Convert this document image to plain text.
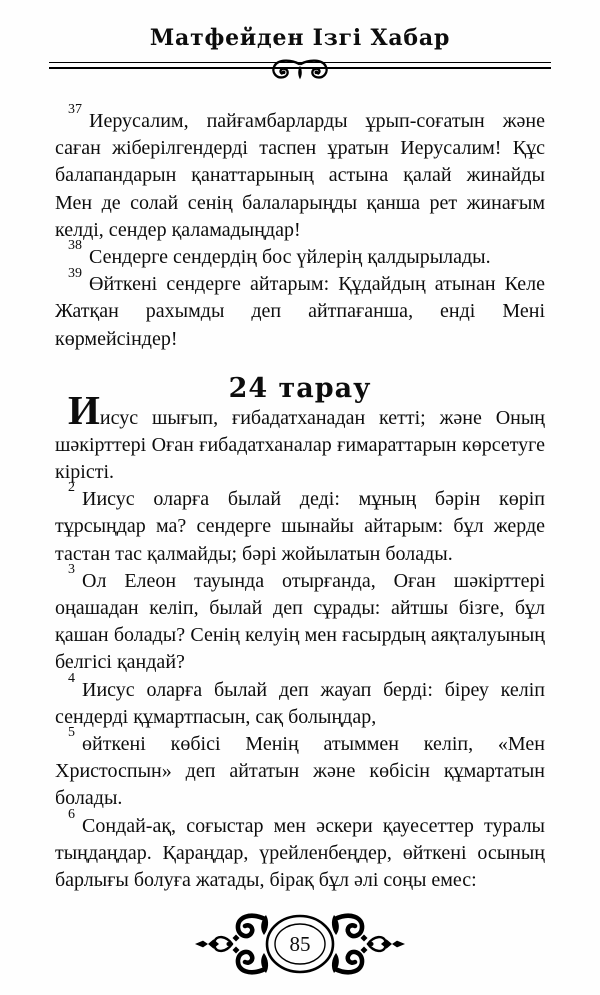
Матфейден Ізгі Хабар

$^{37}$Иерусалим, пайғамбарларды ұрып-соғатын және саған жіберілгендерді таспен ұратын Иерусалим! Құс балапандарын қанаттарының астына қалай жинайды Мен де солай сенің балаларыңды қанша рет жинағым келді, сендер қаламадыңдар!

$^{38}$Сендерге сендердің бос үйлерің қалдырылады.

$^{39}$Өйткені сендерге айтарым: Құдайдың атынан Келе Жатқан рахымды деп айтпағанша, енді Мені көрмейсіндер!

24 тарау

Иисус шығып, ғибадатханадан кетті; және Оның шәкірттері Оған ғибадатханалар ғимараттарын көрсетуге кірісті.

$^2$Иисус оларға былай деді: мұның бәрін көріп тұрсыңдар ма? сендерге шынайы айтарым: бұл жерде тастан тас қалмайды; бәрі жойылатын болады.

$^3$Ол Елеон тауында отырғанда, Оған шәкірттері оңашадан келіп, былай деп сұрады: айтшы бізге, бұл қашан болады? Сенің келуің мен ғасырдың аяқталуының белгісі қандай?

$^4$Иисус оларға былай деп жауап берді: біреу келіп сендерді құмартпасын, сақ болыңдар,

$^5$өйткені көбісі Менің атыммен келіп, «Мен Христоспын» деп айтатын және көбісін құмартатын болады.

$^6$Сондай-ақ, соғыстар мен әскери қауесеттер туралы тыңдаңдар. Қараңдар, үрейленбеңдер, өйткені осының барлығы болуға жатады, бірақ бұл әлі соңы емес:

85
